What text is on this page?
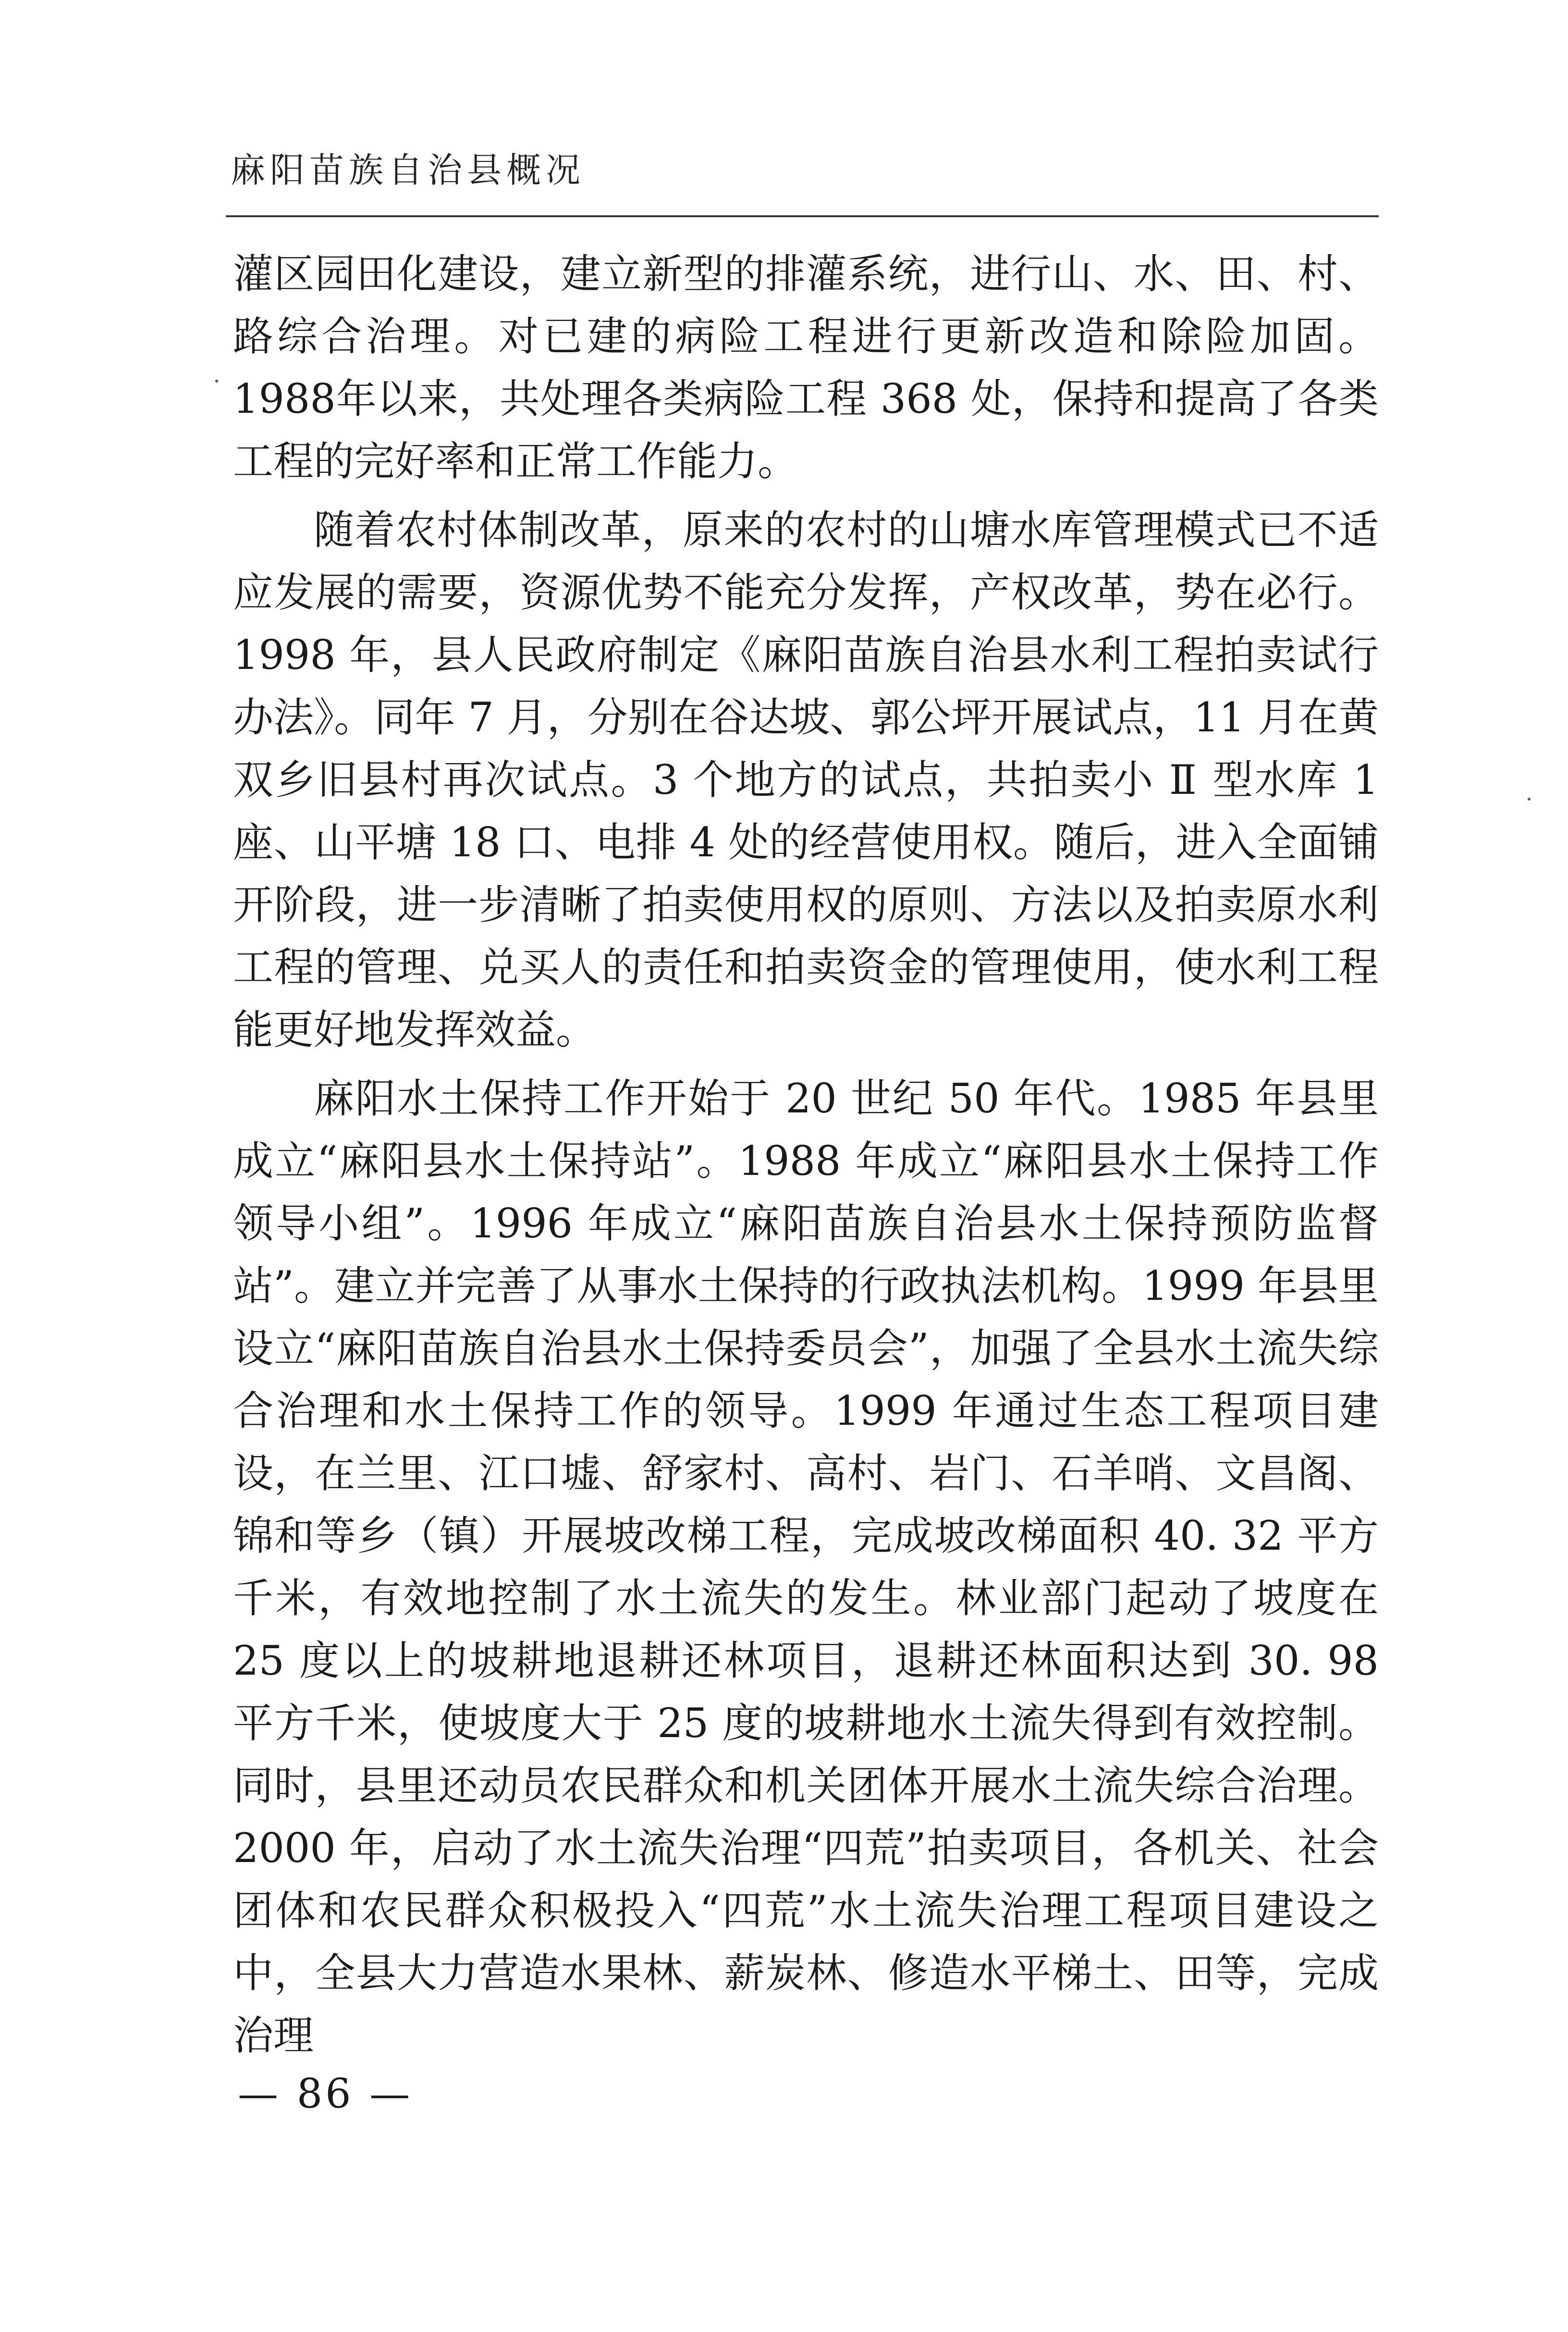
麻阳苗族自治县概况

灌区园田化建设，建立新型的排灌系统，进行山、水、田、村、路综合治理。对已建的病险工程进行更新改造和除险加固。1988年以来，共处理各类病险工程 368 处，保持和提高了各类工程的完好率和正常工作能力。

随着农村体制改革，原来的农村的山塘水库管理模式已不适应发展的需要，资源优势不能充分发挥，产权改革，势在必行。1998 年，县人民政府制定《麻阳苗族自治县水利工程拍卖试行办法》。同年 7 月，分别在谷达坡、郭公坪开展试点，11 月在黄双乡旧县村再次试点。3 个地方的试点，共拍卖小 Ⅱ 型水库 1 座、山平塘 18 口、电排 4 处的经营使用权。随后，进入全面铺开阶段，进一步清晰了拍卖使用权的原则、方法以及拍卖原水利工程的管理、兑买人的责任和拍卖资金的管理使用，使水利工程能更好地发挥效益。

麻阳水土保持工作开始于 20 世纪 50 年代。1985 年县里成立“麻阳县水土保持站”。1988 年成立“麻阳县水土保持工作领导小组”。1996 年成立“麻阳苗族自治县水土保持预防监督站”。建立并完善了从事水土保持的行政执法机构。1999 年县里设立“麻阳苗族自治县水土保持委员会”，加强了全县水土流失综合治理和水土保持工作的领导。1999 年通过生态工程项目建设，在兰里、江口墟、舒家村、高村、岩门、石羊哨、文昌阁、锦和等乡（镇）开展坡改梯工程，完成坡改梯面积 40. 32 平方千米，有效地控制了水土流失的发生。林业部门起动了坡度在 25 度以上的坡耕地退耕还林项目，退耕还林面积达到 30. 98 平方千米，使坡度大于 25 度的坡耕地水土流失得到有效控制。同时，县里还动员农民群众和机关团体开展水土流失综合治理。2000 年，启动了水土流失治理“四荒”拍卖项目，各机关、社会团体和农民群众积极投入“四荒”水土流失治理工程项目建设之中，全县大力营造水果林、薪炭林、修造水平梯土、田等，完成治理

— 86 —
